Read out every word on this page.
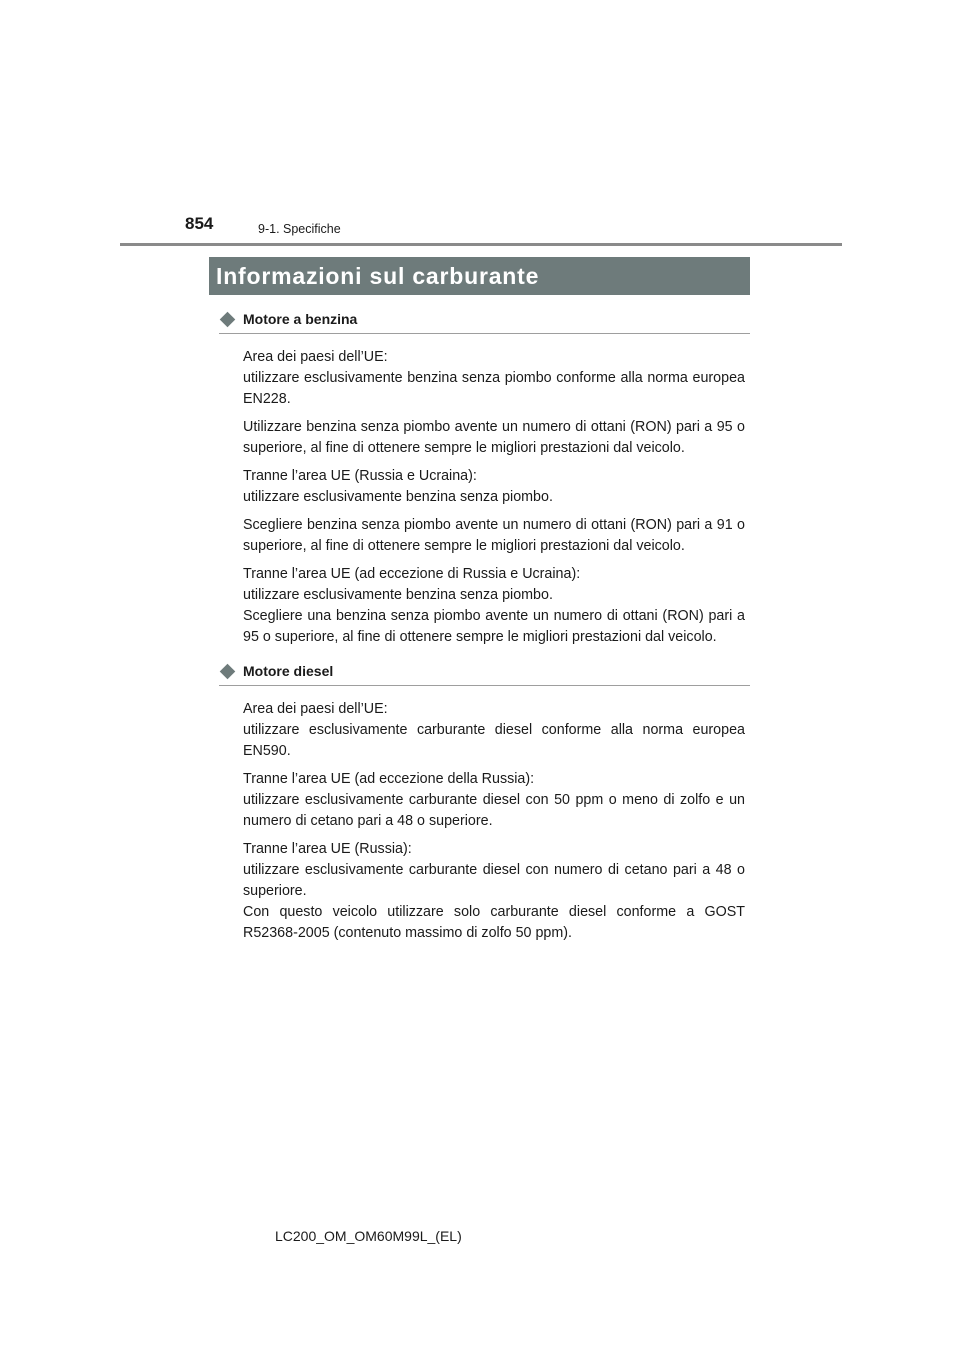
854	9-1. Specifiche
Informazioni sul carburante
Motore a benzina

Area dei paesi dell’UE:

utilizzare esclusivamente benzina senza piombo conforme alla norma europea EN228.

Utilizzare benzina senza piombo avente un numero di ottani (RON) pari a 95 o superiore, al fine di ottenere sempre le migliori prestazioni dal veicolo.

Tranne l’area UE (Russia e Ucraina):

utilizzare esclusivamente benzina senza piombo.

Scegliere benzina senza piombo avente un numero di ottani (RON) pari a 91 o superiore, al fine di ottenere sempre le migliori prestazioni dal veicolo.

Tranne l’area UE (ad eccezione di Russia e Ucraina):

utilizzare esclusivamente benzina senza piombo.

Scegliere una benzina senza piombo avente un numero di ottani (RON) pari a 95 o superiore, al fine di ottenere sempre le migliori prestazioni dal veicolo.

Motore diesel

Area dei paesi dell’UE:

utilizzare esclusivamente carburante diesel conforme alla norma europea EN590.

Tranne l’area UE (ad eccezione della Russia):

utilizzare esclusivamente carburante diesel con 50 ppm o meno di zolfo e un numero di cetano pari a 48 o superiore.

Tranne l’area UE (Russia):

utilizzare esclusivamente carburante diesel con numero di cetano pari a 48 o superiore.

Con questo veicolo utilizzare solo carburante diesel conforme a GOST R52368-2005 (contenuto massimo di zolfo 50 ppm).

LC200_OM_OM60M99L_(EL)
